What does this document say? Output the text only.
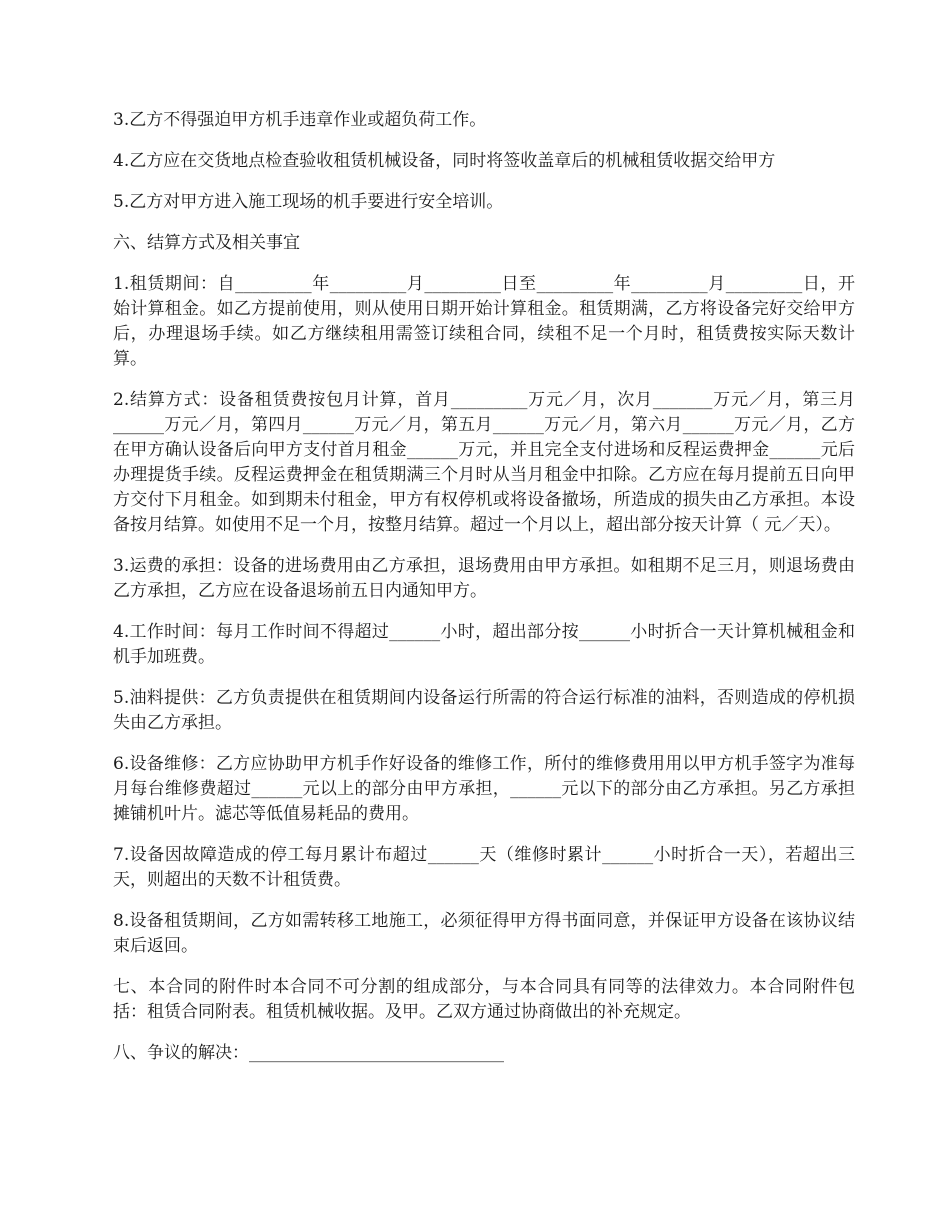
3.乙方不得强迫甲方机手违章作业或超负荷工作。

4.乙方应在交货地点检查验收租赁机械设备，同时将签收盖章后的机械租赁收据交给甲方

5.乙方对甲方进入施工现场的机手要进行安全培训。

六、结算方式及相关事宜

1.租赁期间：自_________年_________月_________日至_________年_________月_________日，开始计算租金。如乙方提前使用，则从使用日期开始计算租金。租赁期满，乙方将设备完好交给甲方后，办理退场手续。如乙方继续租用需签订续租合同，续租不足一个月时，租赁费按实际天数计算。

2.结算方式：设备租赁费按包月计算，首月_________万元／月，次月_______万元／月，第三月______万元／月，第四月______万元／月，第五月______万元／月，第六月______万元／月，乙方在甲方确认设备后向甲方支付首月租金______万元，并且完全支付进场和反程运费押金______元后办理提货手续。反程运费押金在租赁期满三个月时从当月租金中扣除。乙方应在每月提前五日向甲方交付下月租金。如到期未付租金，甲方有权停机或将设备撤场，所造成的损失由乙方承担。本设备按月结算。如使用不足一个月，按整月结算。超过一个月以上，超出部分按天计算（ 元／天）。

3.运费的承担：设备的进场费用由乙方承担，退场费用由甲方承担。如租期不足三月，则退场费由乙方承担，乙方应在设备退场前五日内通知甲方。

4.工作时间：每月工作时间不得超过______小时，超出部分按______小时折合一天计算机械租金和机手加班费。

5.油料提供：乙方负责提供在租赁期间内设备运行所需的符合运行标准的油料，否则造成的停机损失由乙方承担。

6.设备维修：乙方应协助甲方机手作好设备的维修工作，所付的维修费用用以甲方机手签字为准每月每台维修费超过______元以上的部分由甲方承担，______元以下的部分由乙方承担。另乙方承担摊铺机叶片。滤芯等低值易耗品的费用。

7.设备因故障造成的停工每月累计布超过______天（维修时累计______小时折合一天），若超出三天，则超出的天数不计租赁费。

8.设备租赁期间，乙方如需转移工地施工，必须征得甲方得书面同意，并保证甲方设备在该协议结束后返回。

七、本合同的附件时本合同不可分割的组成部分，与本合同具有同等的法律效力。本合同附件包括：租赁合同附表。租赁机械收据。及甲。乙双方通过协商做出的补充规定。

八、争议的解决：______________________________
